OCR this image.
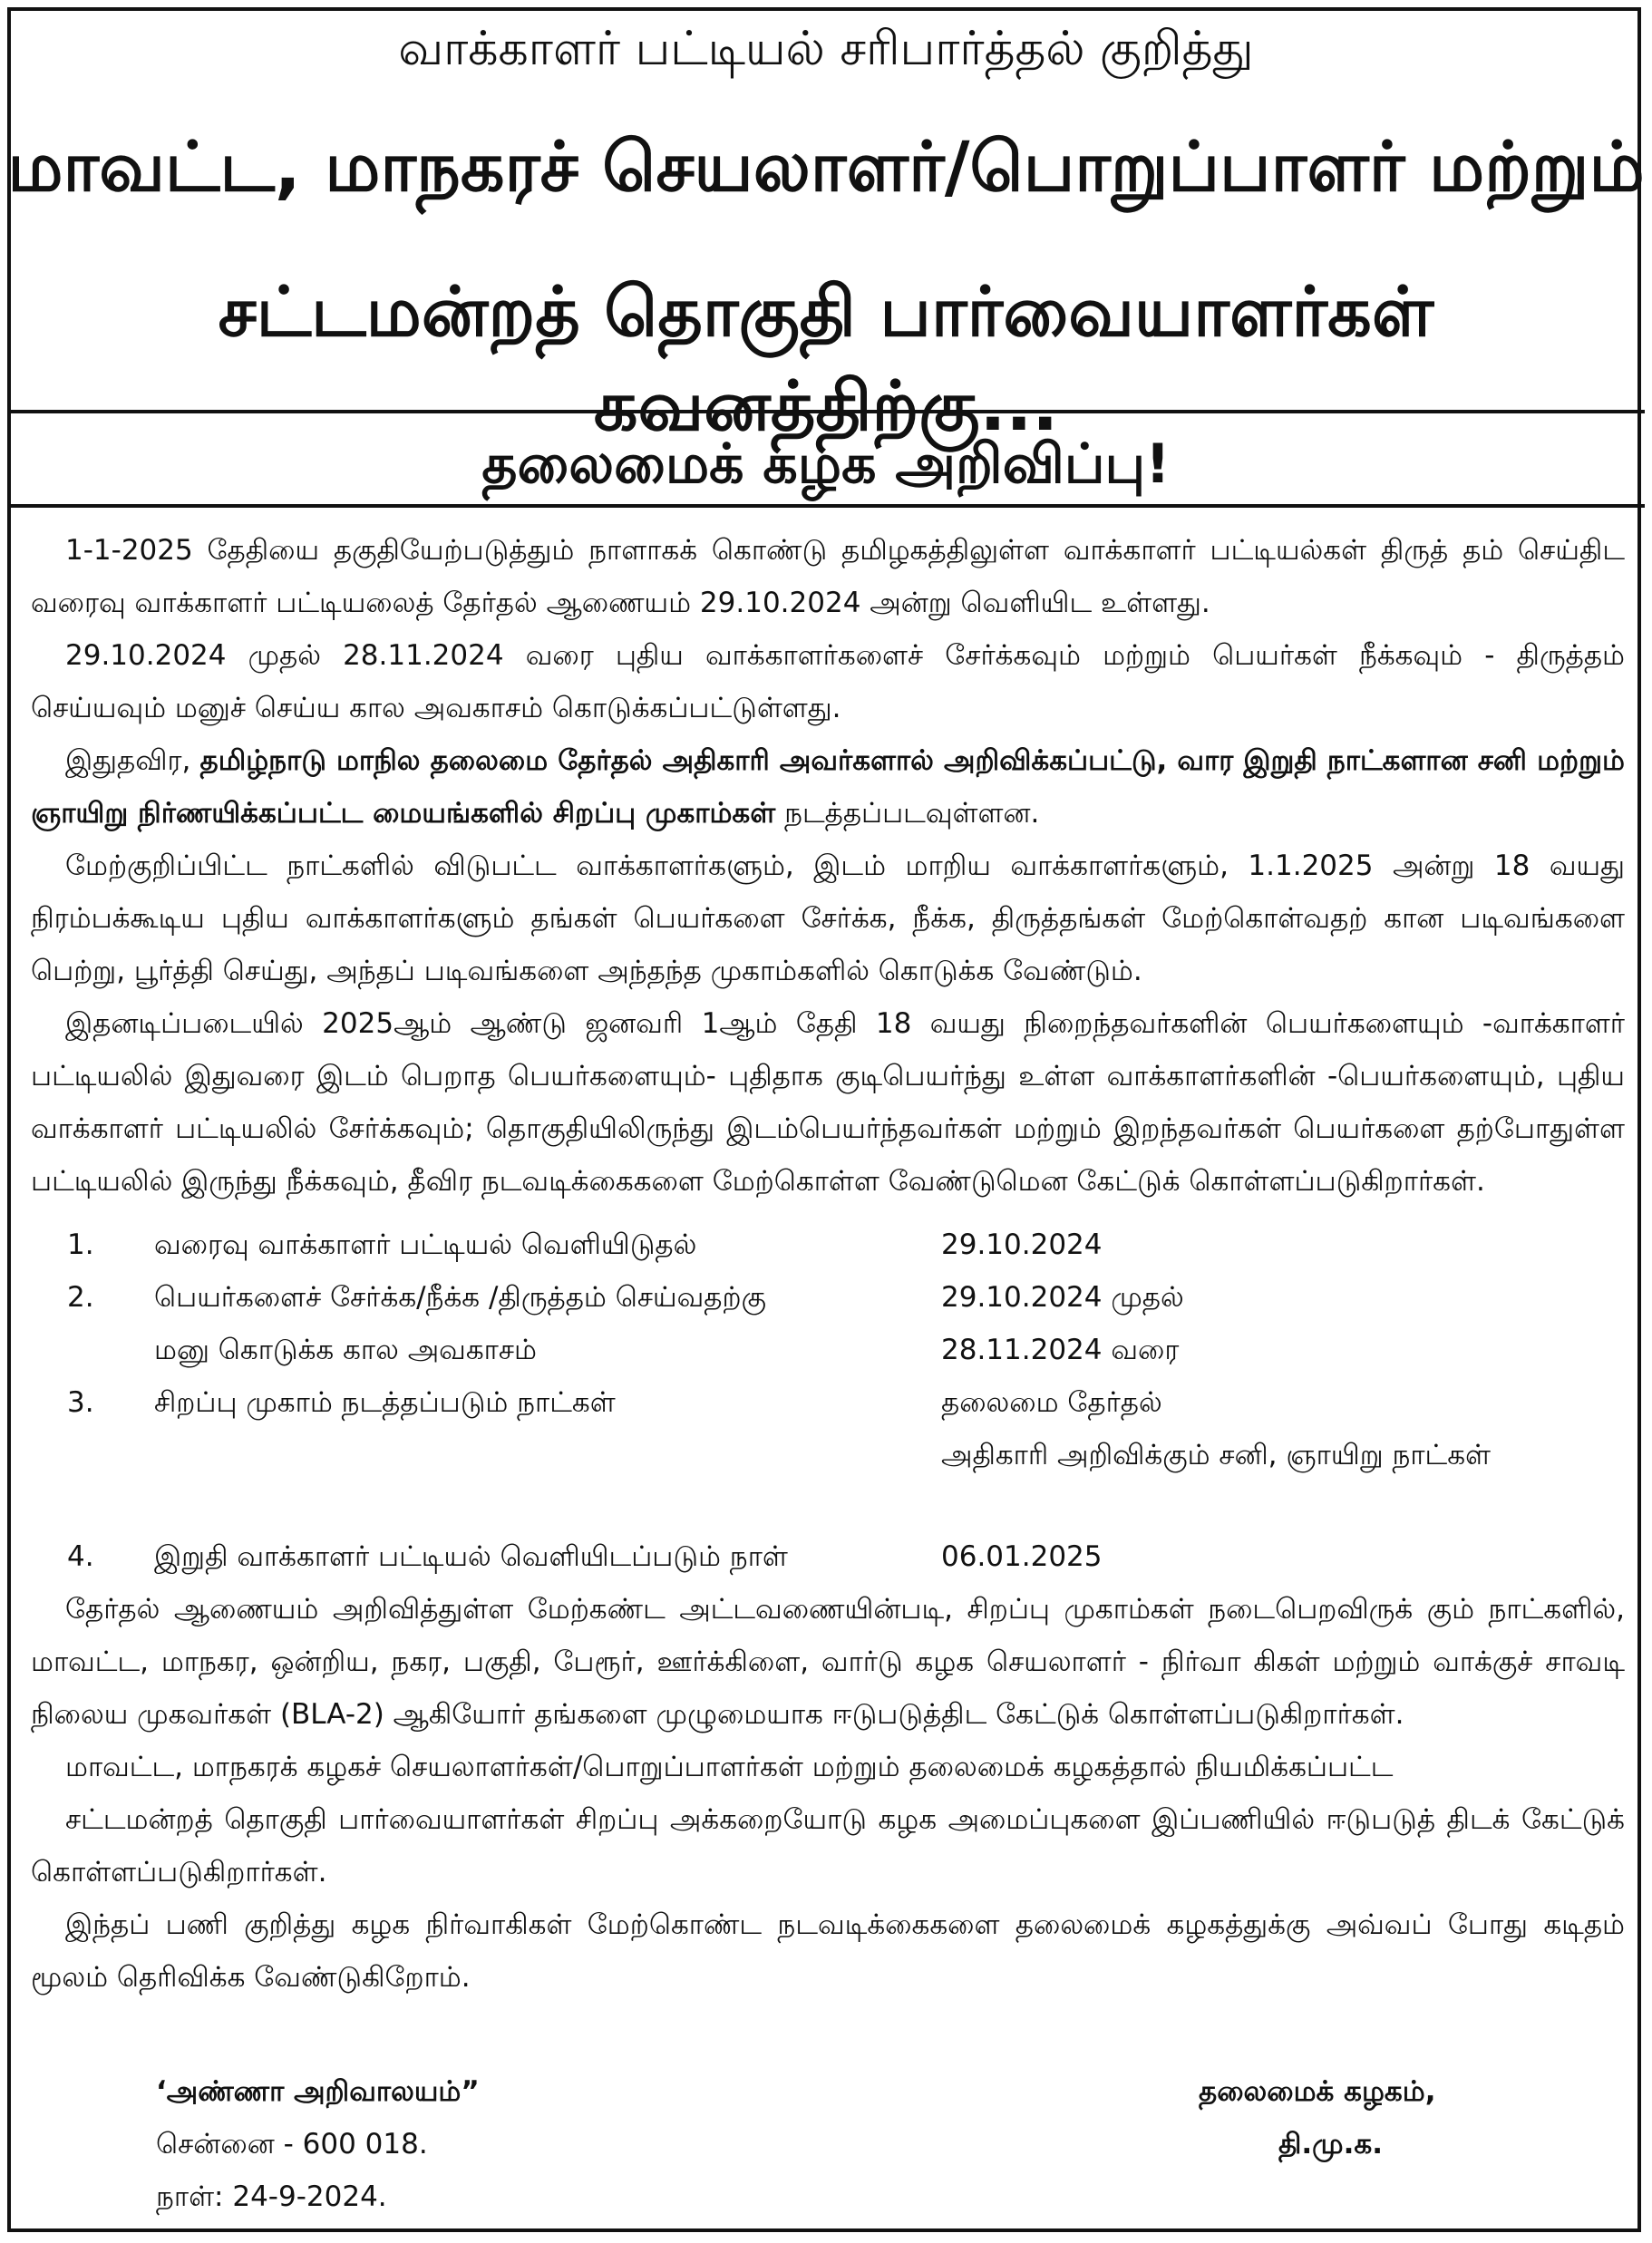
வாக்காளர் பட்டியல் சரிபார்த்தல் குறித்து
மாவட்ட, மாநகரச் செயலாளர்/பொறுப்பாளர் மற்றும்
சட்டமன்றத் தொகுதி பார்வையாளர்கள் கவனத்திற்கு...
தலைமைக் கழக அறிவிப்பு!

1-1-2025 தேதியை தகுதியேற்படுத்தும் நாளாகக் கொண்டு தமிழகத்திலுள்ள வாக்காளர் பட்டியல்கள் திருத் தம் செய்திட வரைவு வாக்காளர் பட்டியலைத் தேர்தல் ஆணையம் 29.10.2024 அன்று வெளியிட உள்ளது.

29.10.2024 முதல் 28.11.2024 வரை புதிய வாக்காளர்களைச் சேர்க்கவும் மற்றும் பெயர்கள் நீக்கவும் - திருத்தம் செய்யவும் மனுச் செய்ய கால அவகாசம் கொடுக்கப்பட்டுள்ளது.

இதுதவிர, தமிழ்நாடு மாநில தலைமை தேர்தல் அதிகாரி அவர்களால் அறிவிக்கப்பட்டு, வார இறுதி நாட்களான சனி மற்றும் ஞாயிறு நிர்ணயிக்கப்பட்ட மையங்களில் சிறப்பு முகாம்கள் நடத்தப்படவுள்ளன.

மேற்குறிப்பிட்ட நாட்களில் விடுபட்ட வாக்காளர்களும், இடம் மாறிய வாக்காளர்களும், 1.1.2025 அன்று 18 வயது நிரம்பக்கூடிய புதிய வாக்காளர்களும் தங்கள் பெயர்களை சேர்க்க, நீக்க, திருத்தங்கள் மேற்கொள்வதற் கான படிவங்களை பெற்று, பூர்த்தி செய்து, அந்தப் படிவங்களை அந்தந்த முகாம்களில் கொடுக்க வேண்டும்.

இதனடிப்படையில் 2025ஆம் ஆண்டு ஜனவரி 1ஆம் தேதி 18 வயது நிறைந்தவர்களின் பெயர்களையும் -வாக்காளர் பட்டியலில் இதுவரை இடம் பெறாத பெயர்களையும்- புதிதாக குடிபெயர்ந்து உள்ள வாக்காளர்களின் -பெயர்களையும், புதிய வாக்காளர் பட்டியலில் சேர்க்கவும்; தொகுதியிலிருந்து இடம்பெயர்ந்தவர்கள் மற்றும் இறந்தவர்கள் பெயர்களை தற்போதுள்ள பட்டியலில் இருந்து நீக்கவும், தீவிர நடவடிக்கைகளை மேற்கொள்ள வேண்டுமென கேட்டுக் கொள்ளப்படுகிறார்கள்.

1. வரைவு வாக்காளர் பட்டியல் வெளியிடுதல்	29.10.2024
2. பெயர்களைச் சேர்க்க/நீக்க /திருத்தம் செய்வதற்கு	29.10.2024 முதல்
மனு கொடுக்க கால அவகாசம்	28.11.2024 வரை
3. சிறப்பு முகாம் நடத்தப்படும் நாட்கள்	தலைமை தேர்தல்
அதிகாரி அறிவிக்கும் சனி, ஞாயிறு நாட்கள்
4. இறுதி வாக்காளர் பட்டியல் வெளியிடப்படும் நாள்	06.01.2025

தேர்தல் ஆணையம் அறிவித்துள்ள மேற்கண்ட அட்டவணையின்படி, சிறப்பு முகாம்கள் நடைபெறவிருக் கும் நாட்களில், மாவட்ட, மாநகர, ஒன்றிய, நகர, பகுதி, பேரூர், ஊர்க்கிளை, வார்டு கழக செயலாளர் - நிர்வா கிகள் மற்றும் வாக்குச் சாவடி நிலைய முகவர்கள் (BLA-2) ஆகியோர் தங்களை முழுமையாக ஈடுபடுத்திட கேட்டுக் கொள்ளப்படுகிறார்கள்.

மாவட்ட, மாநகரக் கழகச் செயலாளர்கள்/பொறுப்பாளர்கள் மற்றும் தலைமைக் கழகத்தால் நியமிக்கப்பட்ட

சட்டமன்றத் தொகுதி பார்வையாளர்கள் சிறப்பு அக்கறையோடு கழக அமைப்புகளை இப்பணியில் ஈடுபடுத் திடக் கேட்டுக் கொள்ளப்படுகிறார்கள்.

இந்தப் பணி குறித்து கழக நிர்வாகிகள் மேற்கொண்ட நடவடிக்கைகளை தலைமைக் கழகத்துக்கு அவ்வப் போது கடிதம் மூலம் தெரிவிக்க வேண்டுகிறோம்.

‘அண்ணா அறிவாலயம்”
சென்னை - 600 018.
நாள்: 24-9-2024.
தலைமைக் கழகம்,
தி.மு.க.
